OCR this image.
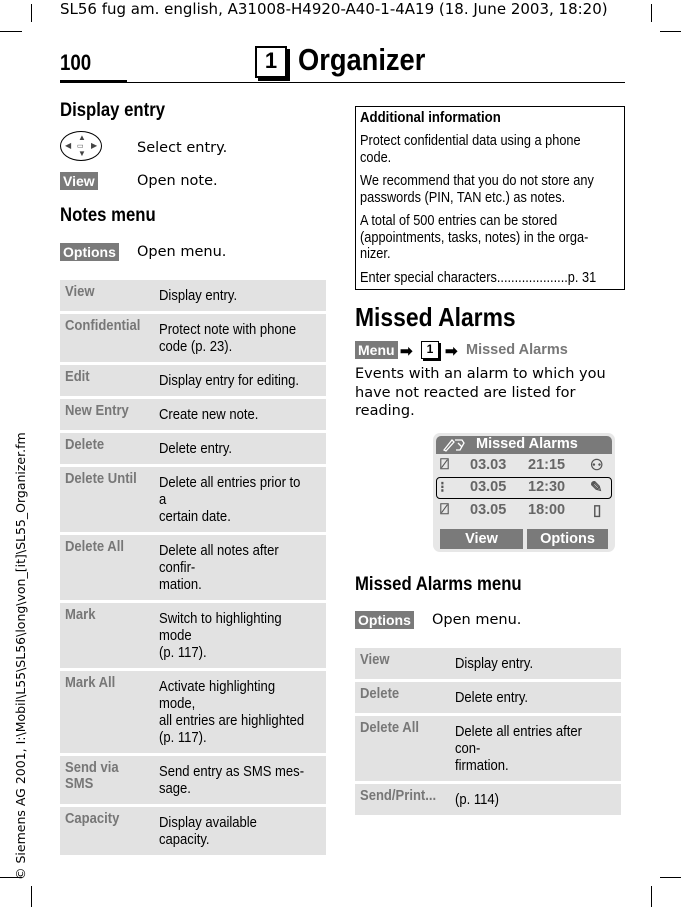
SL56 fug am. english, A31008-H4920-A40-1-4A19 (18. June 2003, 18:20)
© Siemens AG 2001, I:\Mobil\L55\SL56\long\von_[it]\SL55_Organizer.fm
100	1 Organizer
Display entry
▲
▼
◀ ▶
▭	Select entry.
View	Open note.
Notes menu
Options Open menu.
View	Display entry.
Confidential	Protect note with phone
code (p. 23).
Edit	Display entry for editing.
New Entry	Create new note.
Delete	Delete entry.
Delete Until	Delete all entries prior to a
certain date.
Delete All	Delete all notes after confir-
mation.
Mark	Switch to highlighting mode
(p. 117).
Mark All	Activate highlighting mode,
all entries are highlighted
(p. 117).
Send via
SMS	Send entry as SMS mes-
sage.
Capacity	Display available capacity.
Additional information

Protect confidential data using a phone
code.

We recommend that you do not store any
passwords (PIN, TAN etc.) as notes.

A total of 500 entries can be stored
(appointments, tasks, notes) in the orga-
nizer.

Enter special characters....................p. 31

Missed Alarms
Menu ➡	1 ➡ Missed Alarms
Events with an alarm to which you
have not reacted are listed for
reading.
Missed Alarms
⍁ 03.03 21:15 ⚇
⁝ 03.05 12:30 ✎
⍁ 03.05 18:00 ▯
View	Options
Missed Alarms menu
Options Open menu.
View	Display entry.
Delete	Delete entry.
Delete All	Delete all entries after con-
firmation.
Send/Print...	(p. 114)
